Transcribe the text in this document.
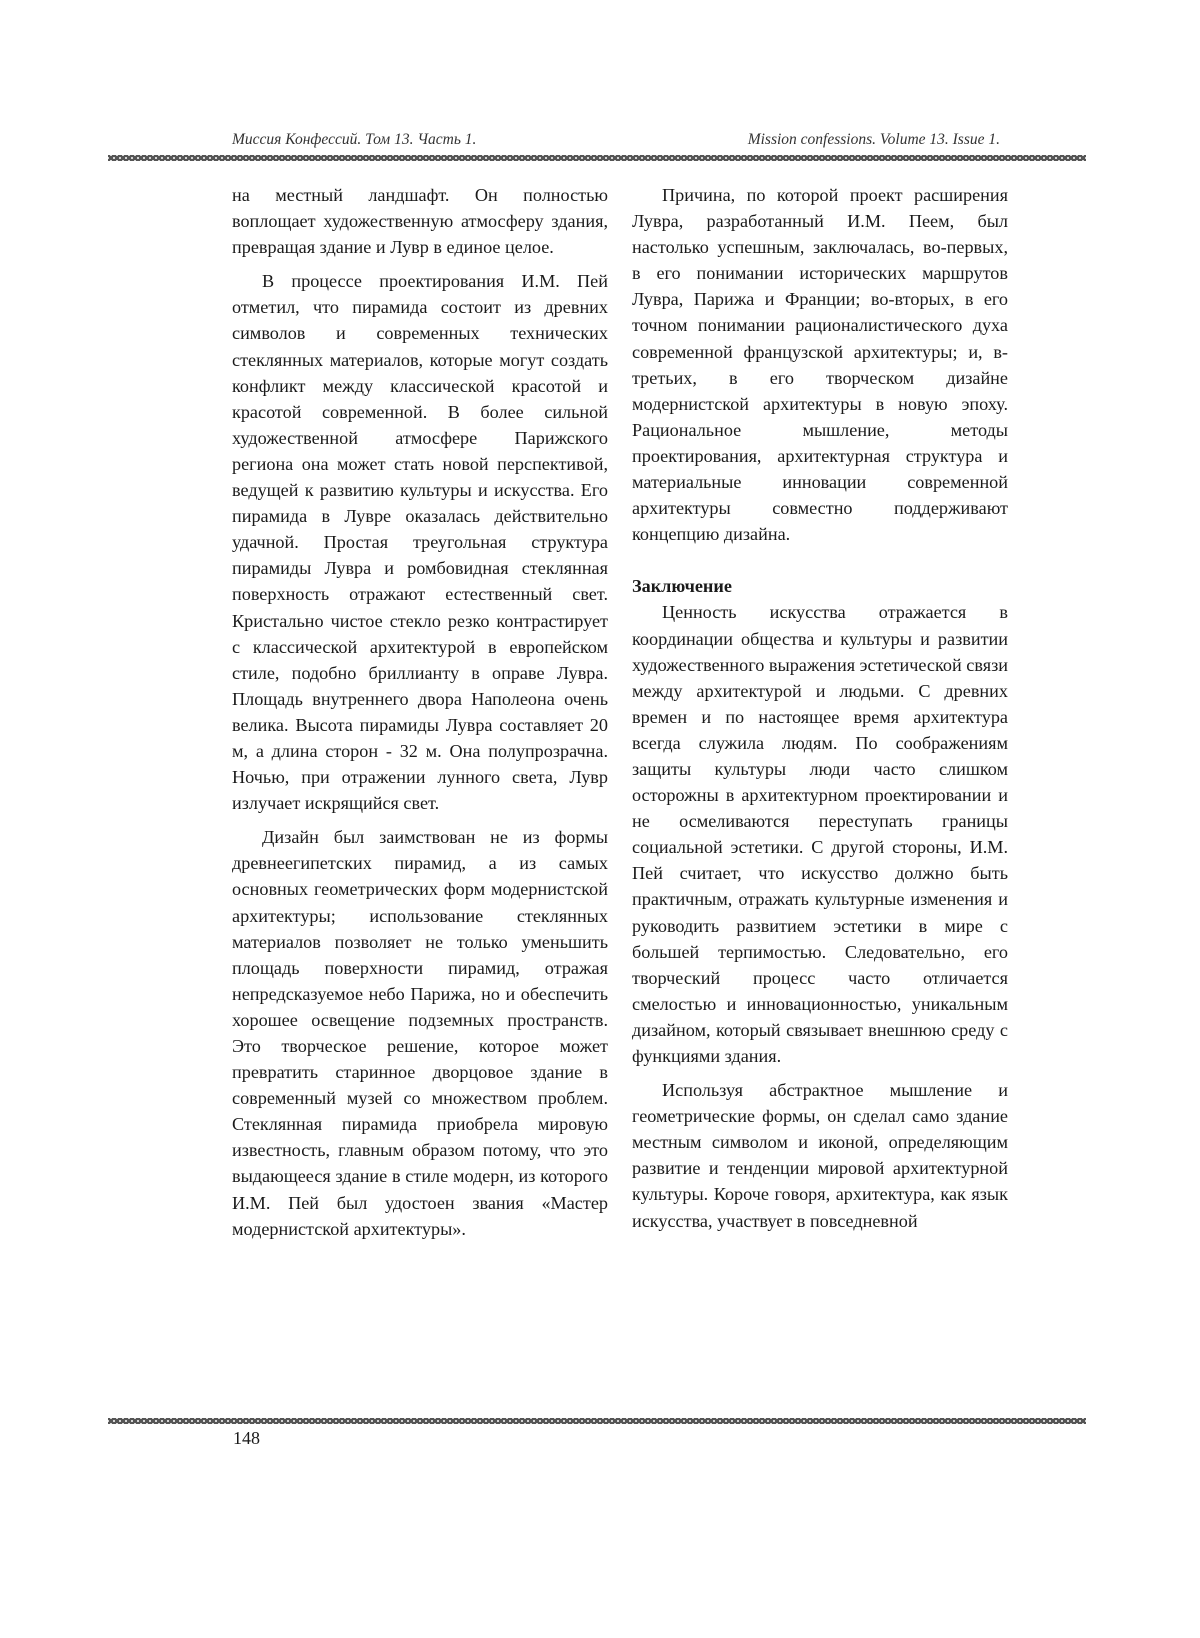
Миссия Конфессий. Том 13. Часть 1.	Mission confessions. Volume 13. Issue 1.

на местный ландшафт. Он полностью воплощает художественную атмосферу здания, превращая здание и Лувр в единое целое.

В процессе проектирования И.М. Пей отметил, что пирамида состоит из древних символов и современных технических стеклянных материалов, которые могут создать конфликт между классической красотой и красотой современной. В более сильной художественной атмосфере Парижского региона она может стать новой перспективой, ведущей к развитию культуры и искусства. Его пирамида в Лувре оказалась действительно удачной. Простая треугольная структура пирамиды Лувра и ромбовидная стеклянная поверхность отражают естественный свет. Кристально чистое стекло резко контрастирует с классической архитектурой в европейском стиле, подобно бриллианту в оправе Лувра. Площадь внутреннего двора Наполеона очень велика. Высота пирамиды Лувра составляет 20 м, а длина сторон - 32 м. Она полупрозрачна. Ночью, при отражении лунного света, Лувр излучает искрящийся свет.

Дизайн был заимствован не из формы древнеегипетских пирамид, а из самых основных геометрических форм модернистской архитектуры; использование стеклянных материалов позволяет не только уменьшить площадь поверхности пирамид, отражая непредсказуемое небо Парижа, но и обеспечить хорошее освещение подземных пространств. Это творческое решение, которое может превратить старинное дворцовое здание в современный музей со множеством проблем. Стеклянная пирамида приобрела мировую известность, главным образом потому, что это выдающееся здание в стиле модерн, из которого И.М. Пей был удостоен звания «Мастер модернистской архитектуры».

Причина, по которой проект расширения Лувра, разработанный И.М. Пеем, был настолько успешным, заключалась, во-первых, в его понимании исторических маршрутов Лувра, Парижа и Франции; во-вторых, в его точном понимании рационалистического духа современной французской архитектуры; и, в-третьих, в его творческом дизайне модернистской архитектуры в новую эпоху. Рациональное мышление, методы проектирования, архитектурная структура и материальные инновации современной архитектуры совместно поддерживают концепцию дизайна.

Заключение

Ценность искусства отражается в координации общества и культуры и развитии художественного выражения эстетической связи между архитектурой и людьми. С древних времен и по настоящее время архитектура всегда служила людям. По соображениям защиты культуры люди часто слишком осторожны в архитектурном проектировании и не осмеливаются переступать границы социальной эстетики. С другой стороны, И.М. Пей считает, что искусство должно быть практичным, отражать культурные изменения и руководить развитием эстетики в мире с большей терпимостью. Следовательно, его творческий процесс часто отличается смелостью и инновационностью, уникальным дизайном, который связывает внешнюю среду с функциями здания.

Используя абстрактное мышление и геометрические формы, он сделал само здание местным символом и иконой, определяющим развитие и тенденции мировой архитектурной культуры. Короче говоря, архитектура, как язык искусства, участвует в повседневной

148
